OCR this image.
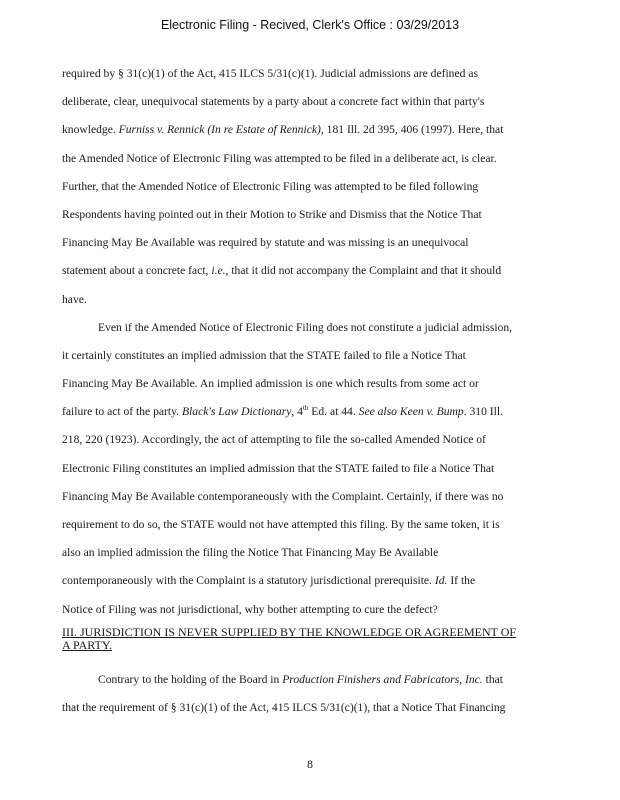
Electronic Filing - Recived, Clerk's Office : 03/29/2013
required by § 31(c)(1) of the Act, 415 ILCS 5/31(c)(1). Judicial admissions are defined as
deliberate, clear, unequivocal statements by a party about a concrete fact within that party's
knowledge. Furniss v. Rennick (In re Estate of Rennick), 181 Ill. 2d 395, 406 (1997). Here, that
the Amended Notice of Electronic Filing was attempted to be filed in a deliberate act, is clear.
Further, that the Amended Notice of Electronic Filing was attempted to be filed following
Respondents having pointed out in their Motion to Strike and Dismiss that the Notice That
Financing May Be Available was required by statute and was missing is an unequivocal
statement about a concrete fact, i.e., that it did not accompany the Complaint and that it should
have.
Even if the Amended Notice of Electronic Filing does not constitute a judicial admission,
it certainly constitutes an implied admission that the STATE failed to file a Notice That
Financing May Be Available. An implied admission is one which results from some act or
failure to act of the party. Black's Law Dictionary, 4th Ed. at 44. See also Keen v. Bump. 310 Ill.
218, 220 (1923). Accordingly, the act of attempting to file the so-called Amended Notice of
Electronic Filing constitutes an implied admission that the STATE failed to file a Notice That
Financing May Be Available contemporaneously with the Complaint. Certainly, if there was no
requirement to do so, the STATE would not have attempted this filing. By the same token, it is
also an implied admission the filing the Notice That Financing May Be Available
contemporaneously with the Complaint is a statutory jurisdictional prerequisite. Id. If the
Notice of Filing was not jurisdictional, why bother attempting to cure the defect?
III. JURISDICTION IS NEVER SUPPLIED BY THE KNOWLEDGE OR AGREEMENT OF
A PARTY.
Contrary to the holding of the Board in Production Finishers and Fabricators, Inc. that
that the requirement of § 31(c)(1) of the Act, 415 ILCS 5/31(c)(1), that a Notice That Financing
8
